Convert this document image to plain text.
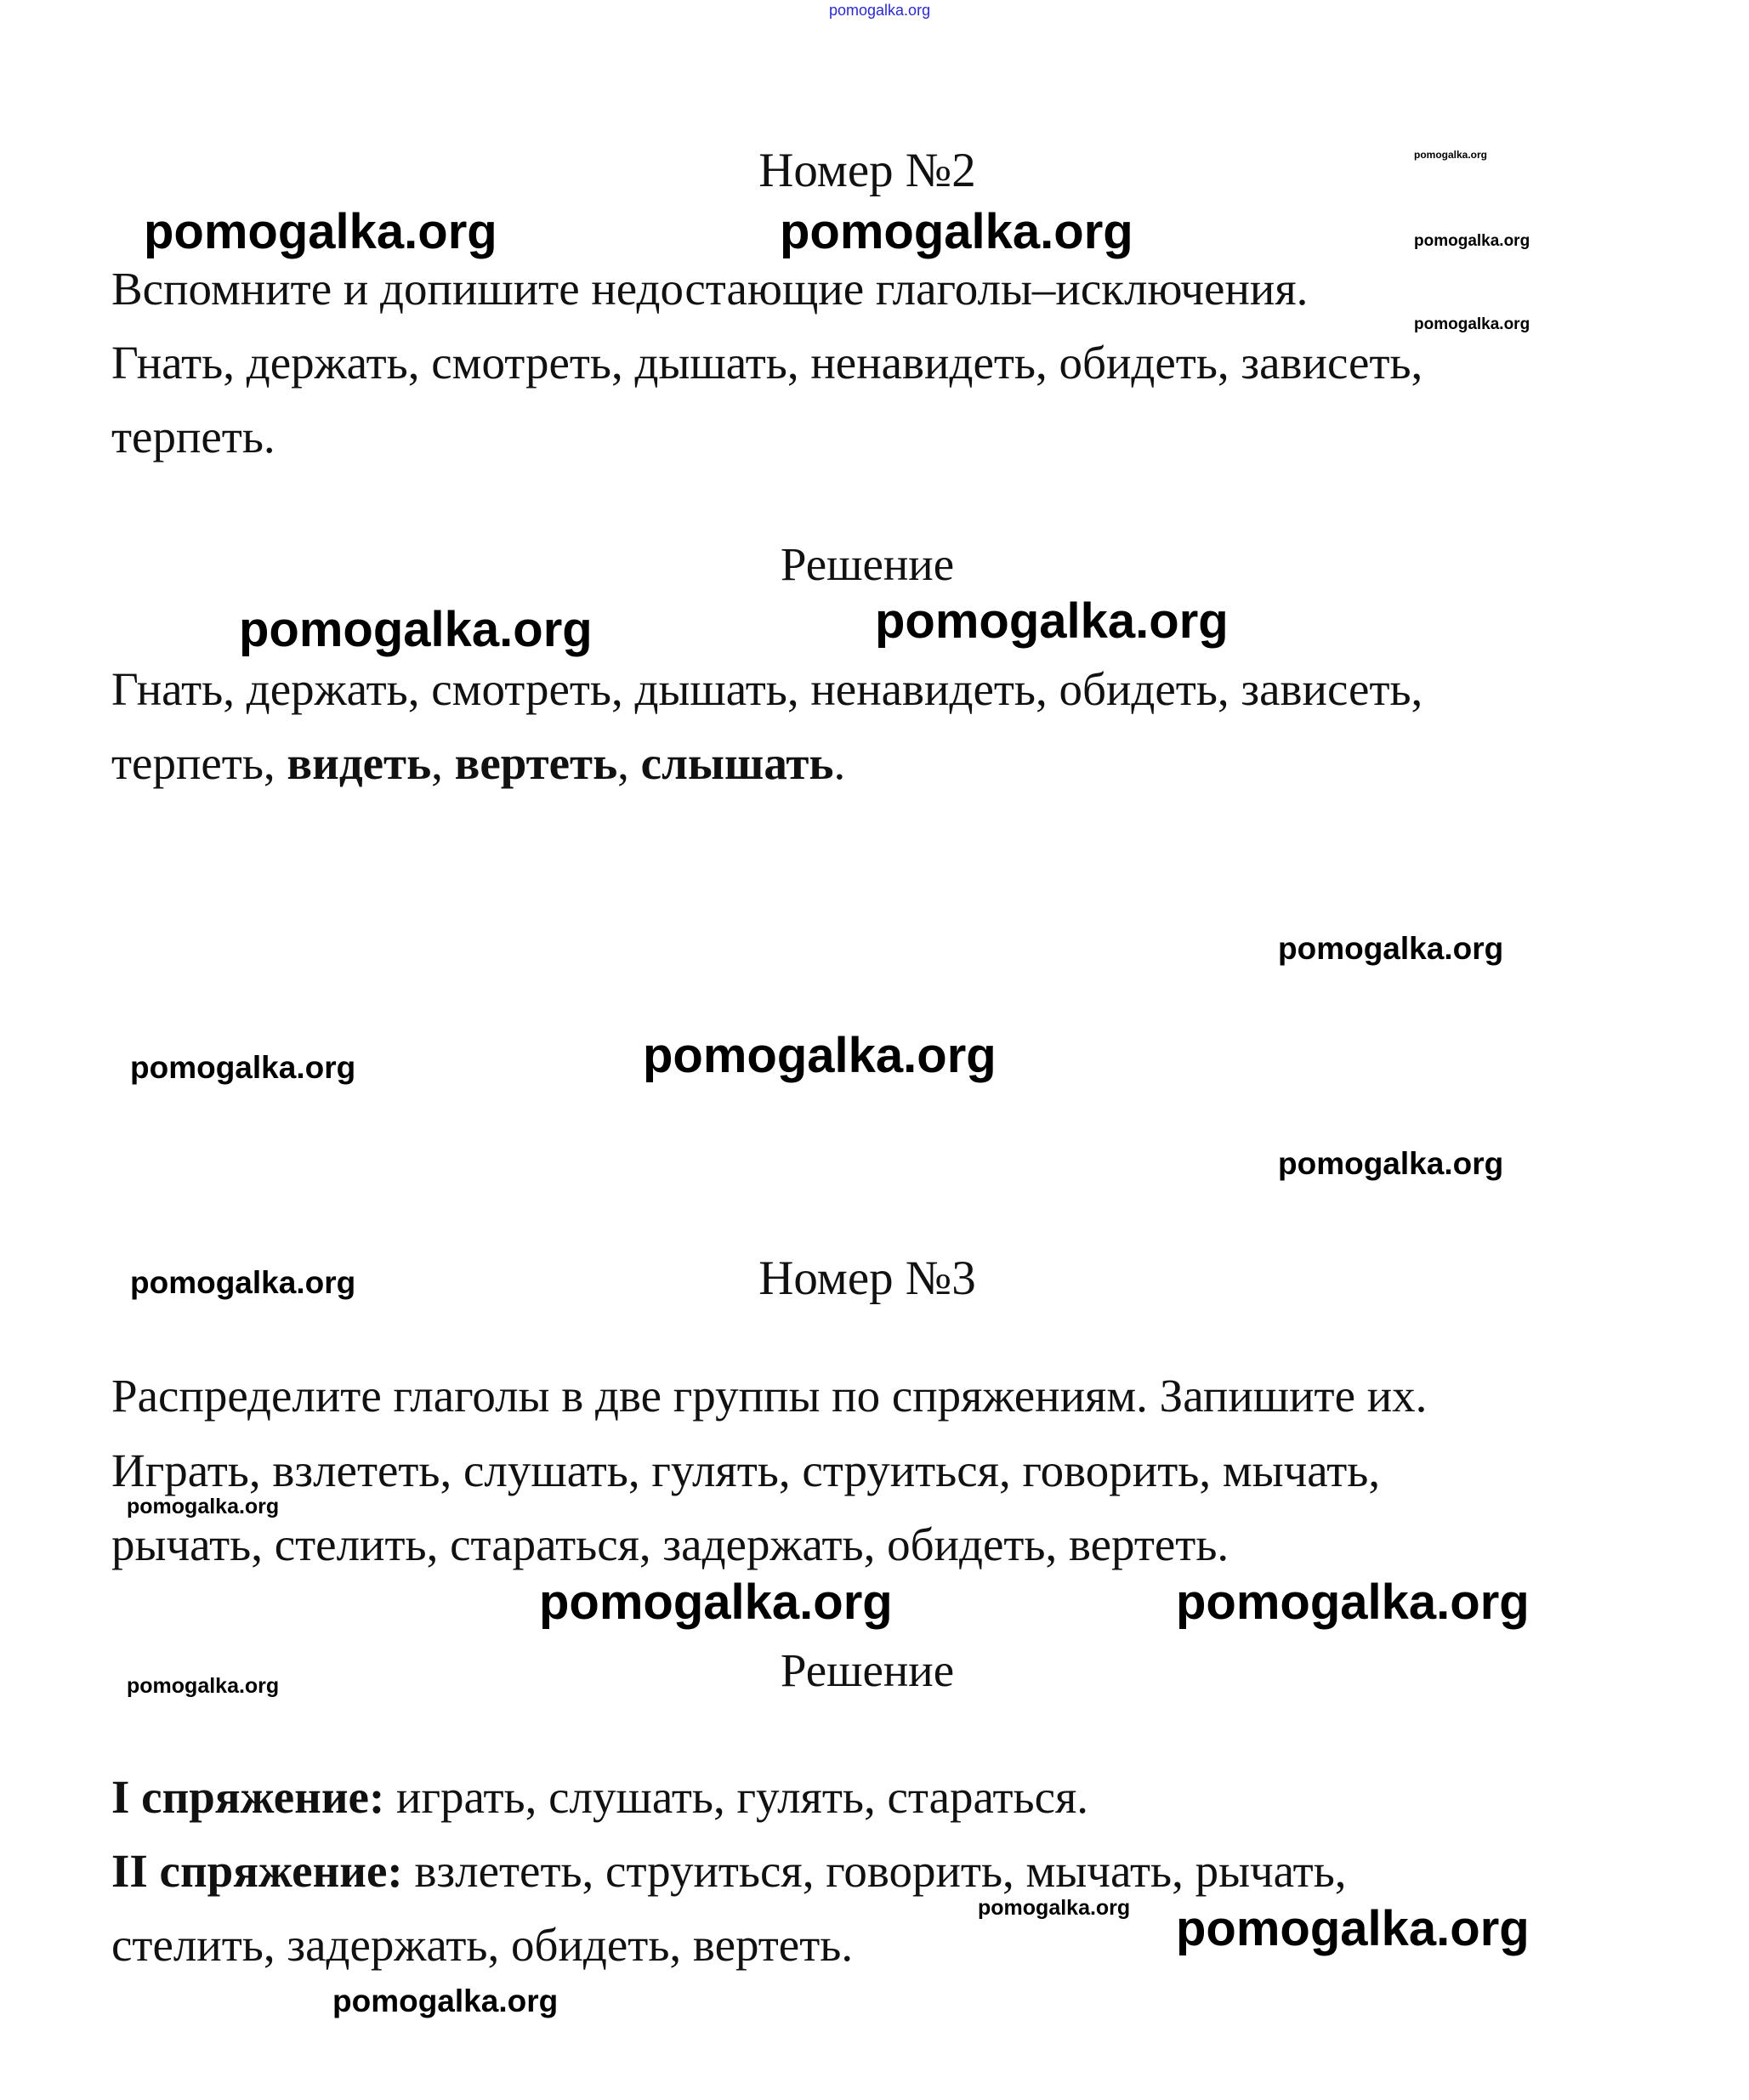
pomogalka.org
Номер №2	pomogalka.org
pomogalka.org
pomogalka.org
Вспомните и допишите недостающие глаголы–исключения.
Гнать, держать, смотреть, дышать, ненавидеть, обидеть, зависеть,
терпеть.
pomogalka.org	pomogalka.org
Решение
Гнать, держать, смотреть, дышать, ненавидеть, обидеть, зависеть,
терпеть, видеть, вертеть, слышать.
pomogalka.org	pomogalka.org
pomogalka.org
pomogalka.org	pomogalka.org
pomogalka.org
pomogalka.org	Номер №3
Распределите глаголы в две группы по спряжениям. Запишите их.
Играть, взлететь, слушать, гулять, струиться, говорить, мычать,
рычать, стелить, стараться, задержать, обидеть, вертеть.
pomogalka.org
pomogalka.org	pomogalka.org
Решение
pomogalka.org
I спряжение: играть, слушать, гулять, стараться.
II спряжение: взлететь, струиться, говорить, мычать, рычать,
стелить, задержать, обидеть, вертеть.
pomogalka.org
pomogalka.org pomogalka.org
